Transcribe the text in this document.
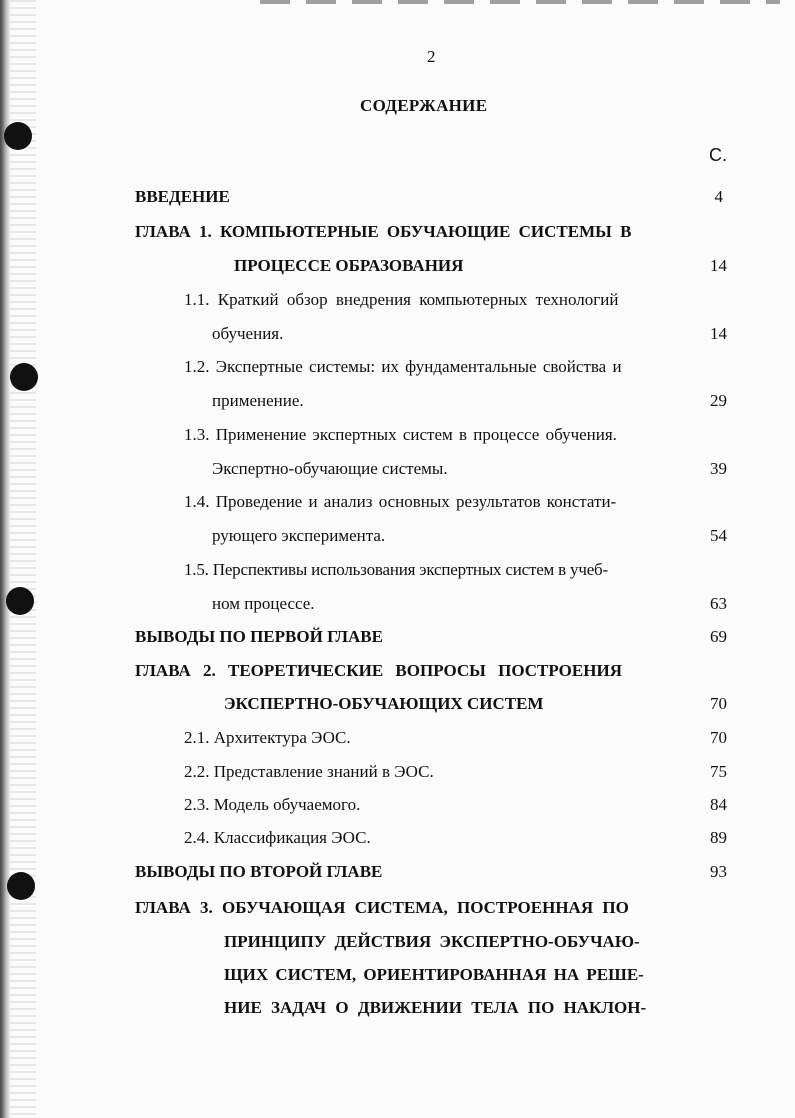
2
СОДЕРЖАНИЕ
С.
ВВЕДЕНИЕ	4
ГЛАВА 1. КОМПЬЮТЕРНЫЕ ОБУЧАЮЩИЕ СИСТЕМЫ В
ПРОЦЕССЕ ОБРАЗОВАНИЯ	14
1.1. Краткий обзор внедрения компьютерных технологий
обучения.	14
1.2. Экспертные системы: их фундаментальные свойства и
применение.	29
1.3. Применение экспертных систем в процессе обучения.
Экспертно-обучающие системы.	39
1.4. Проведение и анализ основных результатов констати-
рующего эксперимента.	54
1.5. Перспективы использования экспертных систем в учеб-
ном процессе.	63
ВЫВОДЫ ПО ПЕРВОЙ ГЛАВЕ	69
ГЛАВА 2. ТЕОРЕТИЧЕСКИЕ ВОПРОСЫ ПОСТРОЕНИЯ
ЭКСПЕРТНО-ОБУЧАЮЩИХ СИСТЕМ	70
2.1. Архитектура ЭОС.	70
2.2. Представление знаний в ЭОС.	75
2.3. Модель обучаемого.	84
2.4. Классификация ЭОС.	89
ВЫВОДЫ ПО ВТОРОЙ ГЛАВЕ	93
ГЛАВА 3. ОБУЧАЮЩАЯ СИСТЕМА, ПОСТРОЕННАЯ ПО
ПРИНЦИПУ ДЕЙСТВИЯ ЭКСПЕРТНО-ОБУЧАЮ-
ЩИХ СИСТЕМ, ОРИЕНТИРОВАННАЯ НА РЕШЕ-
НИЕ ЗАДАЧ О ДВИЖЕНИИ ТЕЛА ПО НАКЛОН-
